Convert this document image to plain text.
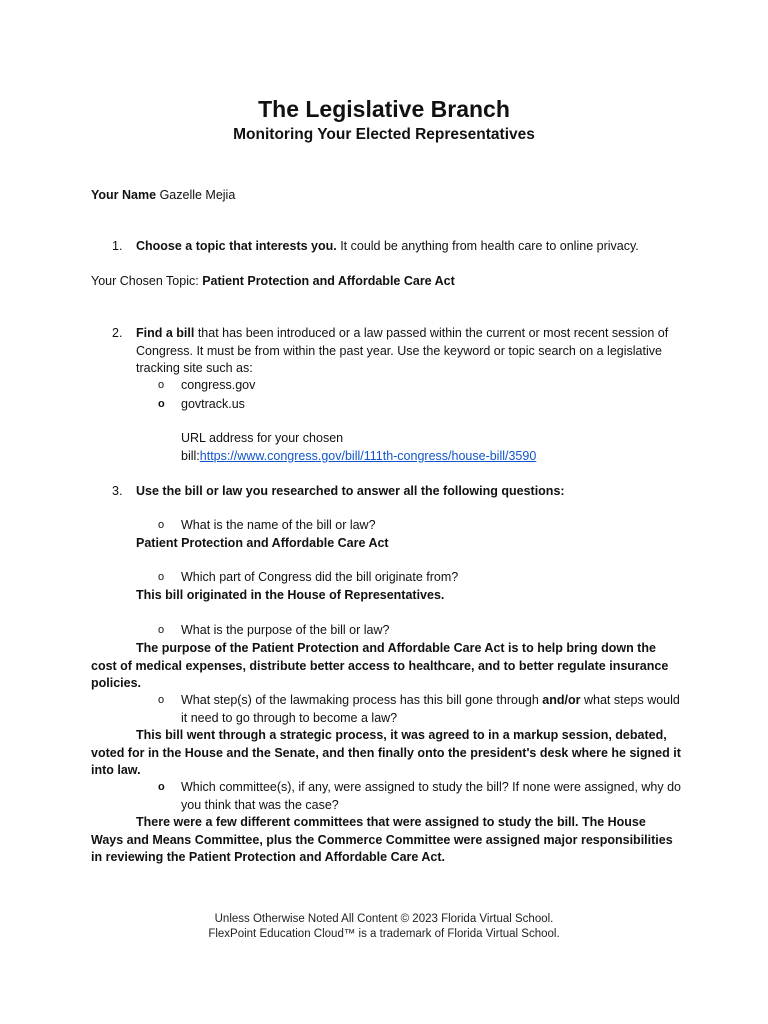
The Legislative Branch
Monitoring Your Elected Representatives

Your Name Gazelle Mejia

1. Choose a topic that interests you. It could be anything from health care to online privacy.

Your Chosen Topic: Patient Protection and Affordable Care Act

2. Find a bill that has been introduced or a law passed within the current or most recent session of Congress. It must be from within the past year. Use the keyword or topic search on a legislative tracking site such as:

o congress.gov
o govtrack.us
URL address for your chosen

bill:https://www.congress.gov/bill/111th-congress/house-bill/3590

3. Use the bill or law you researched to answer all the following questions:

o What is the name of the bill or law?

Patient Protection and Affordable Care Act

o Which part of Congress did the bill originate from?

This bill originated in the House of Representatives.

o What is the purpose of the bill or law?

The purpose of the Patient Protection and Affordable Care Act is to help bring down the cost of medical expenses, distribute better access to healthcare, and to better regulate insurance policies.

o What step(s) of the lawmaking process has this bill gone through and/or what steps would it need to go through to become a law?

This bill went through a strategic process, it was agreed to in a markup session, debated, voted for in the House and the Senate, and then finally onto the president's desk where he signed it into law.

o Which committee(s), if any, were assigned to study the bill? If none were assigned, why do you think that was the case?

There were a few different committees that were assigned to study the bill. The House Ways and Means Committee, plus the Commerce Committee were assigned major responsibilities in reviewing the Patient Protection and Affordable Care Act.

Unless Otherwise Noted All Content © 2023 Florida Virtual School.
FlexPoint Education Cloud™ is a trademark of Florida Virtual School.
